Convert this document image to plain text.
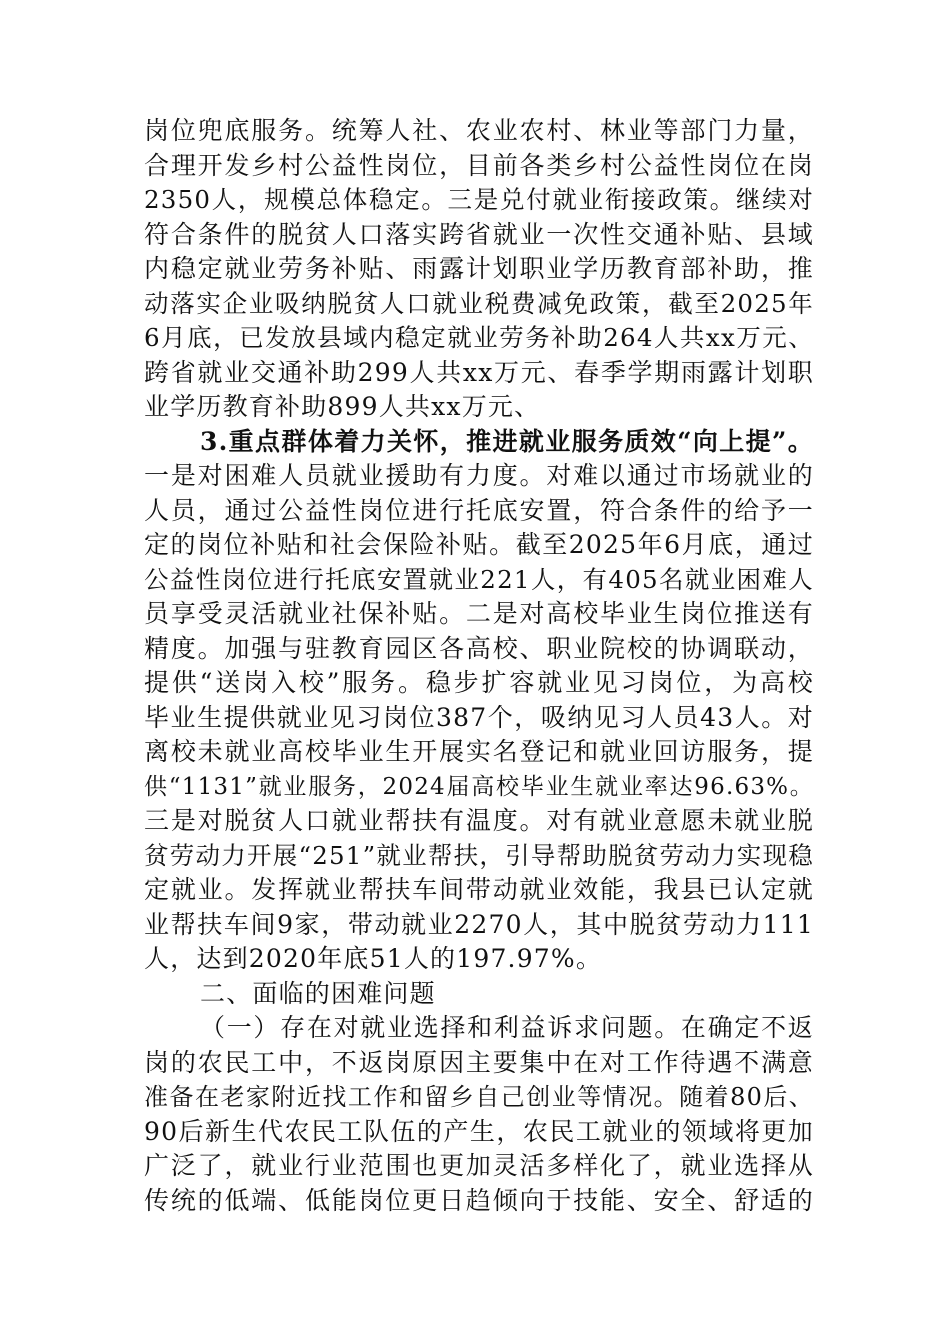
岗位兜底服务。统筹人社、农业农村、林业等部门力量，
合理开发乡村公益性岗位，目前各类乡村公益性岗位在岗
2350人，规模总体稳定。三是兑付就业衔接政策。继续对
符合条件的脱贫人口落实跨省就业一次性交通补贴、县域
内稳定就业劳务补贴、雨露计划职业学历教育部补助，推
动落实企业吸纳脱贫人口就业税费减免政策，截至2025年
6月底，已发放县域内稳定就业劳务补助264人共xx万元、
跨省就业交通补助299人共xx万元、春季学期雨露计划职
业学历教育补助899人共xx万元、
3.重点群体着力关怀，推进就业服务质效“向上提”。
一是对困难人员就业援助有力度。对难以通过市场就业的
人员，通过公益性岗位进行托底安置，符合条件的给予一
定的岗位补贴和社会保险补贴。截至2025年6月底，通过
公益性岗位进行托底安置就业221人，有405名就业困难人
员享受灵活就业社保补贴。二是对高校毕业生岗位推送有
精度。加强与驻教育园区各高校、职业院校的协调联动，
提供“送岗入校”服务。稳步扩容就业见习岗位，为高校
毕业生提供就业见习岗位387个，吸纳见习人员43人。对
离校未就业高校毕业生开展实名登记和就业回访服务，提
供“1131”就业服务，2024届高校毕业生就业率达96.63%。
三是对脱贫人口就业帮扶有温度。对有就业意愿未就业脱
贫劳动力开展“251”就业帮扶，引导帮助脱贫劳动力实现稳
定就业。发挥就业帮扶车间带动就业效能，我县已认定就
业帮扶车间9家，带动就业2270人，其中脱贫劳动力111
人，达到2020年底51人的197.97%。
二、面临的困难问题
（一）存在对就业选择和利益诉求问题。在确定不返
岗的农民工中，不返岗原因主要集中在对工作待遇不满意
准备在老家附近找工作和留乡自己创业等情况。随着80后、
90后新生代农民工队伍的产生，农民工就业的领域将更加
广泛了，就业行业范围也更加灵活多样化了，就业选择从
传统的低端、低能岗位更日趋倾向于技能、安全、舒适的
